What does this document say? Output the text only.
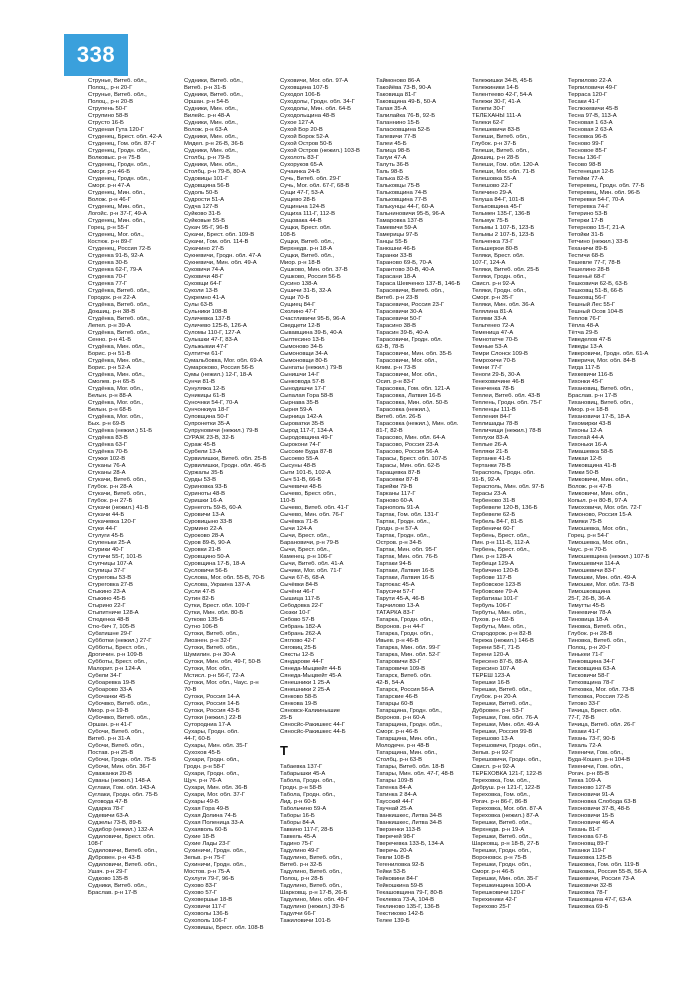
338
Струнье, Витеб. обл.,
Полоц., р-н 20-Г
Струнье, Витеб. обл.,
Полоц., р-н 20-В
Струпень 50-Г
Струпино 58-В
Струсто 16-Б
Студеная Гута 120-Г
Студенец, Брест. обл. 42-А
Студенец, Гом. обл. 87-Г
Студенец, Гродн. обл.,
Волковыс. р-н 75-В
Студенец, Гродн. обл.,
Сморг. р-н 46-Б
Студенец, Гродн. обл.,
Сморг. р-н 47-А
Студенец, Мин. обл.,
Волож. р-н 46-Г
Студенец, Мин. обл.,
Логойс. р-н 37-Г, 49-А
Студенец, Мин. обл.,
Горец, р-н 55-Г
Студенец, Мог. обл.,
Костюк. р-н 89-Г
Студенец, Россия 72-Б
Студенка 91-Б, 92-А
Студенка 30-Б
Студенка 62-Г, 79-А
Студенка 70-Г
Студенка 77-Г
Студёнка, Витеб. обл.,
Городок. р-н 22-А
Студёнка, Витеб. обл.,
Докшиц. р-н 38-В
Студёнка, Витеб. обл.,
Лепел. р-н 39-А
Студёнка, Витеб. обл.,
Сенно. р-н 41-Б
Студёнка, Мин. обл.,
Борис. р-н 51-В
Студёнка, Мин. обл.,
Борис. р-н 52-А
Студёнка, Мин. обл.,
Смолев. р-н 65-Б
Студёнка, Мог. обл.,
Белын. р-н 88-А
Студёнка, Мог. обл.,
Белын. р-н 68-Б
Студёнка, Мог. обл.,
Бых. р-н 69-В
Студёнка (нежил.) 51-Б
Студёнка 83-В
Студёнка 63-Г
Студёнка 70-Б
Стужки 102-В
Стуканы 76-А
Стуканы 28-А
Стукачи, Витеб. обл.,
Глубок. р-н 28-А
Стукачи, Витеб. обл.,
Глубок. р-н 27-Б
Стукачи (нежил.) 41-В
Стукачи 44-Б
Стукачевка 120-Г
Стуки 44-Г
Стулуги 45-Б
Ступеньки 25-А
Стурики 40-Г
Стутичи 55-Г, 101-Б
Ступчицы 107-А
Ступицы 37-Г
Стуреговы 53-В
Стуреговка 27-В
Стыкино 23-А
Стыкино 45-Б
Стырино 22-Г
Стыпитниче 128-А
Стюденка 48-В
Стю-бич 7, 105-В
Субатишне 29-Г
Субботки (нежил.) 27-Г
Субботы, Брест. обл.,
Дрогичин. р-н 109-В
Субботы, Брест. обл.,
Малорит. р-н 124-А
Субели 34-Г
Субоаревка 19-В
Субоарово 33-А
Субочанки 45-Б
Субочвко, Витеб. обл.,
Миор. р-н 19-В
Субочвко, Витеб. обл.,
Оршан. р-н 41-Г
Субочи, Витеб. обл.,
Витеб. р-н 31-А
Субочи, Витеб. обл.,
Постав. р-н 25-В
Субочи, Гродн. обл. 75-Б
Субочи, Мин. обл. 36-Г
Суважанки 20-В
Суваны (нежил.) 148-А
Суглаки, Гом. обл. 143-А
Суглаки, Гродн. обл. 75-Б
Суговода 47-В
Сударка 78-Г
Судевичи 63-А
Судзелы 73-В, 89-Б
Судибор (нежил.) 132-А
Судиловичи, Брест. обл.
108-Г
Судиловичи, Витеб. обл.,
Дубровен. р-н 43-В
Судиловичи, Витеб. обл.,
Ушач. р-н 29-Г
Судково 135-В
Судники, Витеб. обл.,
Браслав. р-н 17-В
Судники, Витеб. обл.,
Витеб. р-н 31-Б
Судники, Витеб. обл.,
Оршан. р-н 54-Б
Судники, Мин. обл.,
Вилейс. р-н 48-А
Судники, Мин. обл.,
Волож. р-н 63-А
Судники, Мин. обл.,
Мядел. р-н 26-В, 36-Б
Судники, Мин. обл.,
Столбц. р-н 79-Б
Судники, Мин. обл.,
Столбц. р-н 79-Б, 80-А
Судовицы 101-Г
Судовщина 56-В
Судоль 50-Б
Судрости 51-А
Судча 127-В
Суйково 31-Б
Суйковые 55-Б
Сукач 95-Г, 96-В
Сукачи, Брест. обл. 109-В
Сукачи, Гом. обл. 114-В
Сукачино 27-Б
Сукневичи, Гродн. обл. 47-А
Сукневичи, Мин. обл. 49-А
Суковичи 74-А
Суковичи 48-Г
Суковщи 64-Г
Суколи 13-В
Сукремно 41-А
Сулы 63-В
Сульники 108-В
Суличевка 137-В
Суличево 125-Б, 126-А
Суломы 110-Г, 127-А
Сулышки 47-Г, 83-А
Сульжыкии 47-Г
Султитчи 61-Г
Сумальбовка, Мог. обл. 69-А
Сумароково, Россия 56-Б
Сумы (нежил.) 12-Г, 18-А
Сунчи 81-В
Сунуляжа 12-Б
Суникицы 61-В
Суночнки 54-Г, 70-А
Сунчонкиуа 18-Г
Суповщина 50-Г
Супронетки 35-А
Супруновичи (нежил.) 79-В
СУРАЖ 23-В, 32-Б
Сураж 45-В
Сурбели 13-А
Сурвилишки, Витеб. обл. 25-В
Сурвилишки, Гродн. обл. 46-Б
Суржалы 35-Б
Сурды 53-В
Суриновка 93-Б
Суриноты 48-В
Суришки 16-А
Сурнеготь 59-Б, 60-А
Суровичи 13-А
Суровицыно 33-В
Сурмино 22-А
Суроково 28-А
Суров 89-Б, 90-А
Суровки 21-В
Суровщино 50-А
Суровщина 17-Б, 18-А
Сусловичи 56-Б
Суслова, Мог. обл. 55-В, 70-Б
Суслова, Украина 137-А
Сусли 47-В
Сутин 82-Б
Сутки, Брест. обл. 109-Г
Сутки, Мин. обл. 80-Б
Сутково 135-Б
Сутно 106-В
Сутоки, Витеб. обл.,
Лиознен. р-н 32-Г
Сутоки, Витеб. обл.,
Шумилин. р-н 30-А
Сутоки, Мин. обл. 49-Г, 50-В
Сутоки, Мог. обл.,
Мстисл. р-н 56-Г, 72-А
Сутоки, Мог. обл., Чаус. р-н
70-В
Сутоки, Россия 14-А
Сутоки, Россия 14-Б
Сутоки, Россия 43-Б
Сутоки (нежил.) 22-В
Сутородниа 17-А
Сухары, Гродн. обл.
44-Г, 60-Б
Сухары, Мин. обл. 35-Г
Сухохов 45-Б
Сухари, Гродн. обл.,
Гродн. р-н 58-Г
Сухари, Гродн. обл.,
Щуч. р-н 76-А
Сухари, Мин. обл. 36-В
Сухари, Мог. обл. 37-Г
Сухары 49-Б
Сухая Гора 49-В
Сухая Долина 74-Б
Сухая Поленица 33-А
Сухаяволь 60-Б
Сухие 18-В
Сухие Лады 23-Г
Сухиничи, Гродн. обл.,
Зельв. р-н 75-Г
Сухиничи, Гродн. обл.,
Мостов. р-н 75-А
Сухлуги 79-Г, 96-Б
Сухово 83-Г
Сухово 57-Г
Суховершье 18-В
Суховичи 117-Г
Суховолы 136-Б
Сухополь 106-Г
Суховишы, Брест. обл. 108-В
Суховичи, Мог. обл. 97-А
Суховщина 107-Б
Суходол 106-Б
Суходолы, Гродн. обл. 34-Г
Суходолы, Мин. обл. 64-Б
Суходольщина 48-В
Сухое 127-А
Сухой Бор 20-В
Сухой Борок 52-А
Сухой Остров 50-Б
Сухой Остров (нежил.) 103-В
Сухолоть 83-Г
Сухоруков 65-А
Сучаинка 24-Б
Сучь, Витеб. обл. 29-Г
Сучь, Мог. обл. 67-Г, 68-В
Сущи 47-Г, 53-А
Сущево 28-Б
Сущиньча 124-В
Сущиха 111-Г, 112-В
Сущовака 44-В
Сущки, Брест. обл.
108-Б
Сущки, Витеб. обл.,
Верхнедв. р-н 18-А
Сущки, Витеб. обл.,
Миор. р-н 18-В
Сушково, Мин. обл. 37-В
Сушково, Россия 56-Б
Сусино 138-А
Сушичи 31-Б, 32-А
Сущи 70-Б
Сущиец 84-Г
Схолино 47-Г
Счастливичи 95-Б, 96-А
Сведцети 12-В
Сывавщина 39-Б, 40-А
Сылтесино 13-Б
Сымоново 34-Б
Сымоновщи 34-А
Сымоновщи 80-Б
Сынгаты (нежил.) 79-В
Сынишчи 14-Г
Сынковода 57-В
Сынодишчи 17-Г
Сыпалая Гора 58-В
Сырнава 35-В
Сырня 59-А
Сырница 142-А
Сыроватки 35-В
Сырод 117-Г, 134-А
Сыродовщина 49-Г
Сырокони 74-Г
Сысские Буда 87-В
Сысоево 55-А
Сысуны 48-В
Сыти 101-Б, 102-А
Сыч 51-В, 66-Б
Сычевичи 48-Б
Сычево, Брест. обл.,
110-Б
Сычево, Витеб. обл. 41-Г
Сычево, Мин. обл. 76-Г
Сычёвка 71-Б
Сычи 124-А
Сычи, Брест. обл.,
Барановичи, р-н 79-В
Сычи, Брест. обл.,
Каменец. р-н 106-Г
Сычи, Витеб. обл. 41-А
Сычики, Мог. обл. 71-Г
Сычи 67-Б, 68-А
Сычёвки 84-В
Сычёни 46-Г
Сышица 117-Б
Себодовка 22-Г
Сюзки 10-Г
Сябово 57-В
Сябрань 182-А
Сябрань 262-А
Сяглово 42-Г
Сяговиц 25-Б
Сяксты 12-Б
Сяндарове 44-Г
Сянеда-Мыцвейт 44-Б
Сянеда-Мыцвейт 45-А
Сянешники 1 25-А
Сянешники 2 25-А
Сянково 58-Б
Сянкова 19-В
Сяновск-Калиинышие
25-Б
Сяносйс-Ракишкес 44-Г
Сяносйс-Ракишкес 44-Б
Т
Табаевка 137-Г
Табарышки 45-А
Табола, Гродн. обл.,
Гродн. р-н 58-В
Табола, Гродн. обл.,
Лид. р-н 60-Б
Табольчино 59-А
Таборы 16-Б
Таборы 84-А
Тавкино 117-Г, 28-Б
Тавкель 45-А
Тадино 75-Г
Тадулино 49-Г
Тадулино, Витеб. обл.,
Витеб. р-н 32-Б
Тадулино, Витеб. обл.,
Полоц. р-н 28-Б
Тадулино, Витеб. обл.,
Шарковщ. р-н 17-В, 26-Б
Тадулино, Мин. обл. 49-Г
Тадулино (нежил.) 39-Б
Тадулчи 66-Г
Тажиловичи 101-Б
Таймоново 86-А
Такойёва 73-В, 90-А
Таковища 81-Г
Таковщина 49-Б, 50-А
Талая 35-А
Талилайка 76-В, 92-Б
Таланнино 15-Б
Таласковщина 52-Б
Талевичи 77-В
Талеи 45-Б
Талица 98-Б
Талуи 47-А
Талуть 36-В
Таль 98-Б
Талька 82-Б
Тальковцы 75-В
Тальковщина 74-В
Тальковщина 77-В
Талькунцы 44-Г, 60-А
Тальниновичи 95-Б, 96-А
Тамаровка 137-В
Тамевичи 59-А
Тамерицы 97-Б
Танцы 55-Б
Танюшни 46-Б
Таранки 33-В
Тараново 69-Б, 70-А
Тарантово 30-В, 40-А
Тарасани 18-А
Тараса Шевченко 137-В, 146-Б
Тарасевичи, Витеб. обл.,
Витеб. р-н 23-В
Тарасевичи, Россия 23-Г
Тарасевичи 30-А
Тарасевичи 50-Г
Тарасино 38-В
Тарасин 39-Б, 40-А
Тарасовичи, Гродн. обл.
62-В, 78-Б
Тарасовичи, Мин. обл. 35-Б
Тарасовичи, Мог. обл.,
Клим. р-н 73-В
Тарасовичи, Мог. обл.,
Осип. р-н 83-Г
Тарасовка, Гом. обл. 121-А
Тарасовка, Латвия 16-Б
Тарасовка, Мин. обл. 50-Б
Тарасовка (нежил.),
Витеб. обл. 26-Б
Тарасовка (нежил.), Мин. обл.
81-Г, 82-В
Тарасово, Мин. обл. 64-А
Тарасово, Россия 23-А
Тарасово, Россия 56-А
Тарасы, Брест. обл. 107-Б
Тарасы, Мин. обл. 62-Б
Таращевка 87-В
Тарасевки 87-В
Тарейки 79-В
Тарканы 117-Г
Тарново 60-А
Тарнополь 91-А
Тартак, Гом. обл. 131-Г
Тартак, Гродн. обл.,
Гродн. р-н 57-А
Тартак, Гродн. обл.,
Остров. р-н 34-Б
Тартак, Мин. обл. 95-Г
Тартак, Мин. обл. 76-Б
Тартаки 94-Б
Тартаки, Латвия 16-Б
Тартаки, Латвия 16-Б
Тартокас 45-А
Тарусичи 57-Г
Тарути 45-А, 46-В
Тарчилово 13-А
ТАТАРКА 83-Г
Татарка, Гродн. обл.,
Воронов. р-н 44-Г
Татарка, Гродн. обл.,
Ивьев. р-н 46-В
Татарка, Мин. обл. 99-Г
Татарка, Мин. обл. 52-Г
Татаровичи 83-Г
Татаровичи 109-В
Татарск, Витеб. обл.
42-В, 54-А
Татарск, Россия 56-А
Татарские 46-В
Татарцы 60-В
Татарщина, Гродн. обл.,
Воронов. р-н 60-А
Татарщина, Гродн. обл.,
Сморг. р-н 46-Б
Татарщина, Мин. обл.,
Молодечн. р-н 48-В
Татарщина, Мин. обл.,
Столбц. р-н 63-В
Татары, Витеб. обл. 18-В
Татары, Мин. обл. 47-Г, 48-В
Татары 109-В
Татенка 84-А
Татинка 2 84-А
Таусский 44-Г
Таучнай 25-А
Тванкишкес, Литва 34-В
Тванкишкес, Литва 34-В
Тверзенки 113-В
Тверечей 98-Г
Тверечевка 133-Б, 134-А
Тверечь 20-А
Тевли 108-В
Тегениловка 92-Б
Тейки 53-Б
Тейковини 84-Г
Тейкошкина 59-В
Текашовщина 79-Г, 80-В
Теклевка 73-А, 104-В
Теклиново 135-Г, 136-В
Текстиково 142-Б
Телее 139-Б
Тележишки 34-В, 45-Б
Тележиники 14-Б
Телентеево 42-Г, 54-А
Тележи 30-Г, 41-А
Телепи 30-Г
ТЕЛЕХАНЫ 111-А
Телеки 62-Г
Телешевичи 83-В
Телеши, Витеб. обл.,
Глубок. р-н 37-Б
Телеши, Витеб. обл.,
Докшиц. р-н 28-Б
Телеши, Гом. обл. 120-А
Телеши, Мог. обл. 71-В
Телешовка 55-А
Телешово 22-Г
Телечино 29-А
Телуша 84-Г, 101-В
Тельковщина 45-Г
Тельмен 135-Г, 136-В
Тельмук 75-Б
Тельмы 1 107-Б, 123-Б
Тельмы 2 107-Б, 123-Б
Тельченка 73-Г
Тельшерюи 80-В
Теляки, Брест. обл.
107-Г, 124-А
Теляки, Витеб. обл. 25-Б
Теляки, Гродн. обл.,
Свисл. р-н 92-А
Теляки, Гродн. обл.,
Сморг. р-н 35-Г
Теляки, Мин. обл. 36-А
Телялина 81-А
Телями 33-А
Тельтенео 72-А
Теменица 47-А
Темнотатче 70-Б
Темные 53-А
Темри Слонск 109-В
Темрохичи 70-Б
Темни 77-Г
Теноги 29-Б, 30-А
Тенеховичине 46-В
Тенеченка 78-Б
Теплеи, Витеб. обл. 43-В
Теплень, Гродн. обл. 75-Г
Тепленцы 111-В
Тепления 84-Г
Теплишады 78-В
Тепличищи (нежил.) 78-В
Теплухи 83-А
Теплые 26-А
Тепляки 21-Б
Тертанке 41-Б
Тертанки 78-В
Терасполь, Гродн. обл.
91-Б, 92-А
Терасполь, Мин. обл. 97-Б
Терасы 23-А
Тербеново 31-В
Тербевеле 120-В, 136-Б
Тербевеле 62-Б
Тербель 84-Г, 81-Б
Тербеничи 60-Г
Тербень, Брест. обл.,
Пин. р-н 111-Б, 112-А
Тербень, Брест. обл.,
Пин. р-н 128-А
Тербещи 129-А
Тербичино 120-Б
Тербове 117-В
Тербовское 123-В
Тербовские 79-А
Тербатиаы 101-Г
Тербуль 106-Г
Тербуты, Мин. обл.,
Пухов. р-н 82-Б
Тербуты, Мин. обл.,
Стародорож. р-н 82-В
Тережа (нежил.) 146-В
Терени 58-Г, 71-Б
Терени 120-А
Тересено 87-Б, 88-А
Тересино 107-А
ТЕРЕШ 123-А
Терешки 16-В
Терешки, Витеб. обл.,
Глубок. р-н 20-А
Терешки, Витеб. обл.,
Дубровен. р-н 53-Г
Терешки, Гом. обл. 76-А
Терешки, Мин. обл. 49-А
Терешки, Россия 99-В
Терешово 13-А
Терешовичи, Гродн. обл.,
Зельв. р-н 92-Г
Терешовичи, Гродн. обл.,
Свисл. р-н 92-А
ТЕРЕХОВКА 121-Г, 122-В
Тереховка, Гом. обл.,
Добруш. р-н 121-Г, 122-В
Тереховка, Гом. обл.,
Рогач. р-н 86-Г, 86-В
Тереховка, Мог. обл. 87-А
Тереховка (нежил.) 87-А
Терешки, Витеб. обл.,
Верхнедв. р-н 19-А
Терешки, Витеб. обл.,
Шарковщ. р-н 18-В, 27-Б
Терешки, Гродн. обл.,
Вороновск. р-н 75-В
Терешки, Гродн. обл.,
Сморг. р-н 46-Б
Терешки, Мин. обл. 35-Г
Терешкинщина 100-А
Терешковичи 120-Г
Терехиники 42-Г
Терехово 25-Г
Терпилово 22-А
Терпиловичи 49-Г
Терраса 120-Г
Тесаки 41-Г
Теслюкевичи 45-В
Тесна 97-В, 113-А
Тесновая 1 63-А
Тесновая 2 63-А
Тесновка 96-Б
Тесново 99-Г
Тесновое 85-Г
Тесны 136-Г
Тесово 98-В
Тестенецая 12-Б
Тетейки 77-А
Тетеревец, Гродн. обл. 77-Б
Тетеревец, Мин. обл. 96-Б
Тетеревки 54-Г, 70-А
Тетеревка 74-Г
Тетерино 53-В
Тетерки 17-В
Тетерново 15-Г, 21-А
Тетойки 31-Б
Тетчино (нежил.) 33-Б
Теханичи 89-Б
Тестичи 68-Б
Тешевле 77-Г, 78-В
Тешелино 28-В
Тешеньё 68-Г
Тешковичи 62-Б, 63-Б
Тешковщ 51-В, 66-Б
Тешковщ 56-Г
Тешный Лес 55-Г
Тешный Осов 104-В
Теплов 76-Г
Тёпла 48-А
Тётча 29-Б
Тиведелов 47-Б
Тиведы 13-А
Тиверовичи, Гродн. обл. 61-А
Тиверичи, Мог. обл. 84-В
Тигда 117-Б
Тихкевичи 116-Б
Тихонки 45-Г
Тихановиц, Витеб. обл.,
Браслав. р-н 17-В
Тихановиц, Витеб. обл.,
Миор. р-н 18-В
Тихановичи 17-Б, 18-А
Тихомирки 43-В
Тихоны 12-А
Тихотай 44-А
Тихоньки 16-А
Тимашевка 58-Б
Тимкаи 12-Б
Тимковщина 41-В
Тимки 50-В
Тимковичи, Мин. обл.,
Волож. р-н 47-В
Тимковичи, Мин. обл.,
Копыл. р-н 80-В, 97-А
Тимоховичи, Мог. обл. 72-Г
Тимоново, Россия 15-А
Тимяки 75-В
Тимошевка, Мог. обл.,
Горец. р-н 54-Г
Тимошевка, Мог. обл.,
Чаус. р-н 70-Б
Тимошевщина (нежил.) 107-Б
Тимошевичи 114-А
Тимошевичи 83-Г
Тимошки, Мин. обл. 49-А
Тимошки, Мог. обл. 73-В
Тимошковщина
25-Г, 26-В, 36-А
Тимугты 45-Б
Тинеевичи 78-А
Тиновица 18-А
Тиновка, Витеб. обл.,
Глубок. р-н 28-В
Тиновка, Витеб. обл.,
Полоц. р-н 20-Г
Тинькеи 71-Г
Тинковщина 34-Г
Тисковщина 63-А
Тисковичи 58-Г
Титковщина 78-Г
Титковка, Мог. обл. 73-В
Титковка, Россия 72-Б
Титово 33-Г
Тичица, Брест. обл.
77-Г, 78-В
Тичица, Витеб. обл. 26-Г
Тихаки 41-Г
Тихань 73-Г, 90-Б
Тихаль 72-А
Тихеничи, Гом. обл.,
Буда-Кошел. р-н 104-В
Тихеничи, Гом. обл.,
Рогач. р-н 85-В
Тихка 109-А
Тихоново 127-В
Тихоновичи 91-А
Тихоновка Слобода 63-В
Тихоновичи 37-В, 48-Б
Тихоновичи 15-Б
Тихоновичи 46-А
Тихань 81-Г
Тихонова 67-Б
Тихоновщ 89-Г
Тиханки 119-Г
Тишковка 125-В
Тишковка, Гом. обл. 119-В
Тишковка, Россия 55-В, 56-А
Тишкевичи, Россия 73-А
Тишковичи 32-В
Тишковка 78-Г
Тишковщина 47-Г, 63-А
Тишковка 69-Б
